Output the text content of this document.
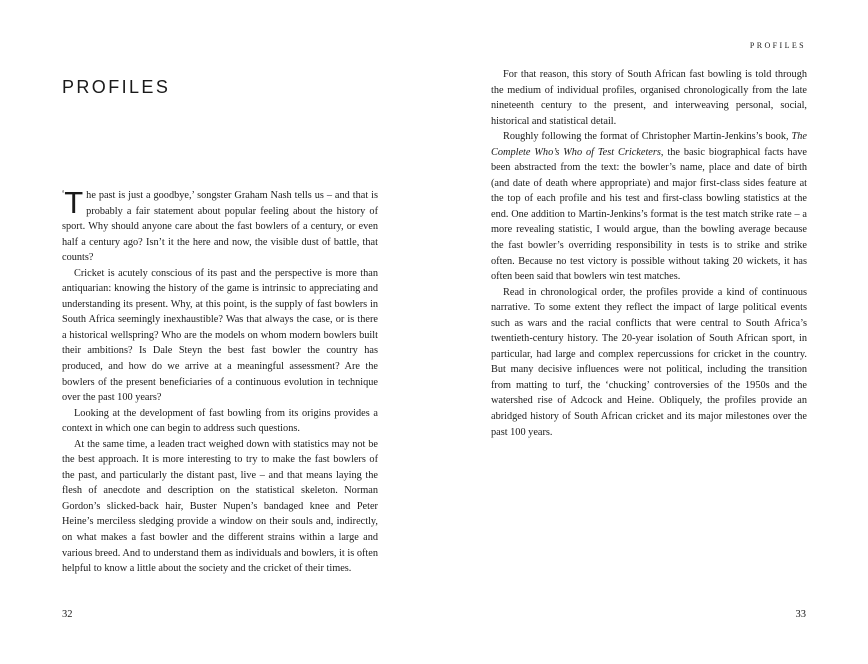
PROFILES

‘T he past is just a goodbye,’ songster Graham Nash tells us – and that is probably a fair statement about popular feeling about the history of sport. Why should anyone care about the fast bowlers of a century, or even half a century ago? Isn’t it the here and now, the visible dust of battle, that counts?

Cricket is acutely conscious of its past and the perspective is more than antiquarian: knowing the history of the game is intrinsic to appreciating and understanding its present. Why, at this point, is the supply of fast bowlers in South Africa seemingly inexhaustible? Was that always the case, or is there a historical wellspring? Who are the models on whom modern bowlers built their ambitions? Is Dale Steyn the best fast bowler the country has produced, and how do we arrive at a meaningful assessment? Are the bowlers of the present beneficiaries of a continuous evolution in technique over the past 100 years?

Looking at the development of fast bowling from its origins provides a context in which one can begin to address such questions.

At the same time, a leaden tract weighed down with statistics may not be the best approach. It is more interesting to try to make the fast bowlers of the past, and particularly the distant past, live – and that means laying the flesh of anecdote and description on the statistical skeleton. Norman Gordon’s slicked-back hair, Buster Nupen’s bandaged knee and Peter Heine’s merciless sledging provide a window on their souls and, indirectly, on what makes a fast bowler and the different strains within a large and various breed. And to understand them as individuals and bowlers, it is often helpful to know a little about the society and the cricket of their times.

32
PROFILES

For that reason, this story of South African fast bowling is told through the medium of individual profiles, organised chronologically from the late nineteenth century to the present, and interweaving personal, social, historical and statistical detail.

Roughly following the format of Christopher Martin-Jenkins’s book, The Complete Who’s Who of Test Cricketers, the basic biographical facts have been abstracted from the text: the bowler’s name, place and date of birth (and date of death where appropriate) and major first-class sides feature at the top of each profile and his test and first-class bowling statistics at the end. One addition to Martin-Jenkins’s format is the test match strike rate – a more revealing statistic, I would argue, than the bowling average because the fast bowler’s overriding responsibility in tests is to strike and strike often. Because no test victory is possible without taking 20 wickets, it has often been said that bowlers win test matches.

Read in chronological order, the profiles provide a kind of continuous narrative. To some extent they reflect the impact of large political events such as wars and the racial conflicts that were central to South Africa’s twentieth-century history. The 20-year isolation of South African sport, in particular, had large and complex repercussions for cricket in the country. But many decisive influences were not political, including the transition from matting to turf, the ‘chucking’ controversies of the 1950s and the watershed rise of Adcock and Heine. Obliquely, the profiles provide an abridged history of South African cricket and its major milestones over the past 100 years.

33
